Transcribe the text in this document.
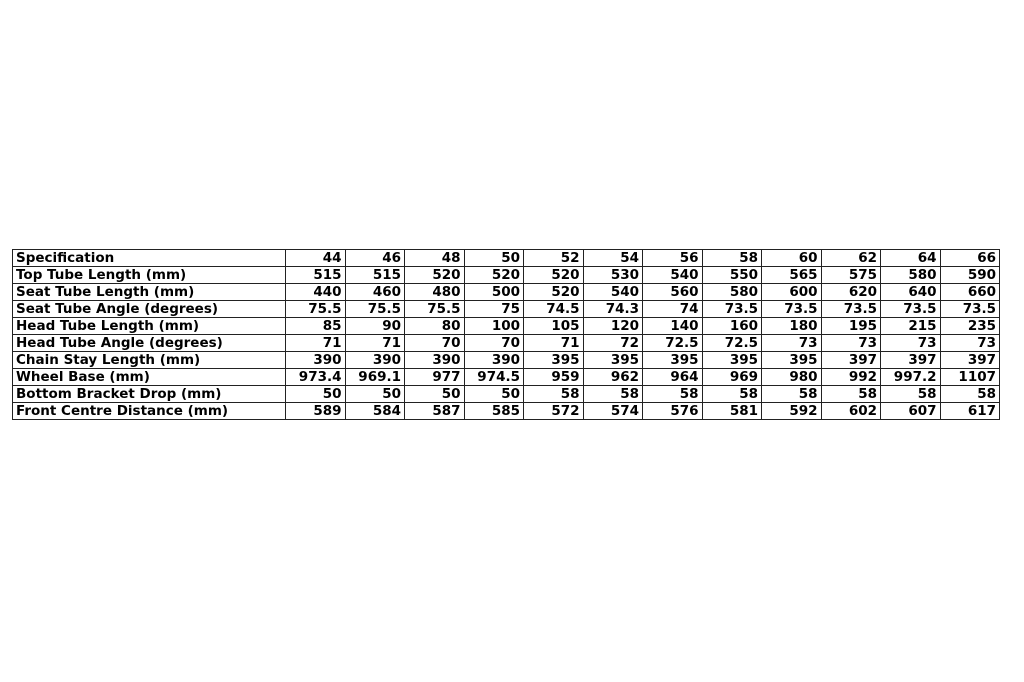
Specification	44	46	48	50	52	54	56	58	60	62	64	66
Top Tube Length (mm)	515	515	520	520	520	530	540	550	565	575	580	590
Seat Tube Length (mm)	440	460	480	500	520	540	560	580	600	620	640	660
Seat Tube Angle (degrees)	75.5	75.5	75.5	75	74.5	74.3	74	73.5	73.5	73.5	73.5	73.5
Head Tube Length (mm)	85	90	80	100	105	120	140	160	180	195	215	235
Head Tube Angle (degrees)	71	71	70	70	71	72	72.5	72.5	73	73	73	73
Chain Stay Length (mm)	390	390	390	390	395	395	395	395	395	397	397	397
Wheel Base (mm)	973.4	969.1	977	974.5	959	962	964	969	980	992	997.2	1107
Bottom Bracket Drop (mm)	50	50	50	50	58	58	58	58	58	58	58	58
Front Centre Distance (mm)	589	584	587	585	572	574	576	581	592	602	607	617
